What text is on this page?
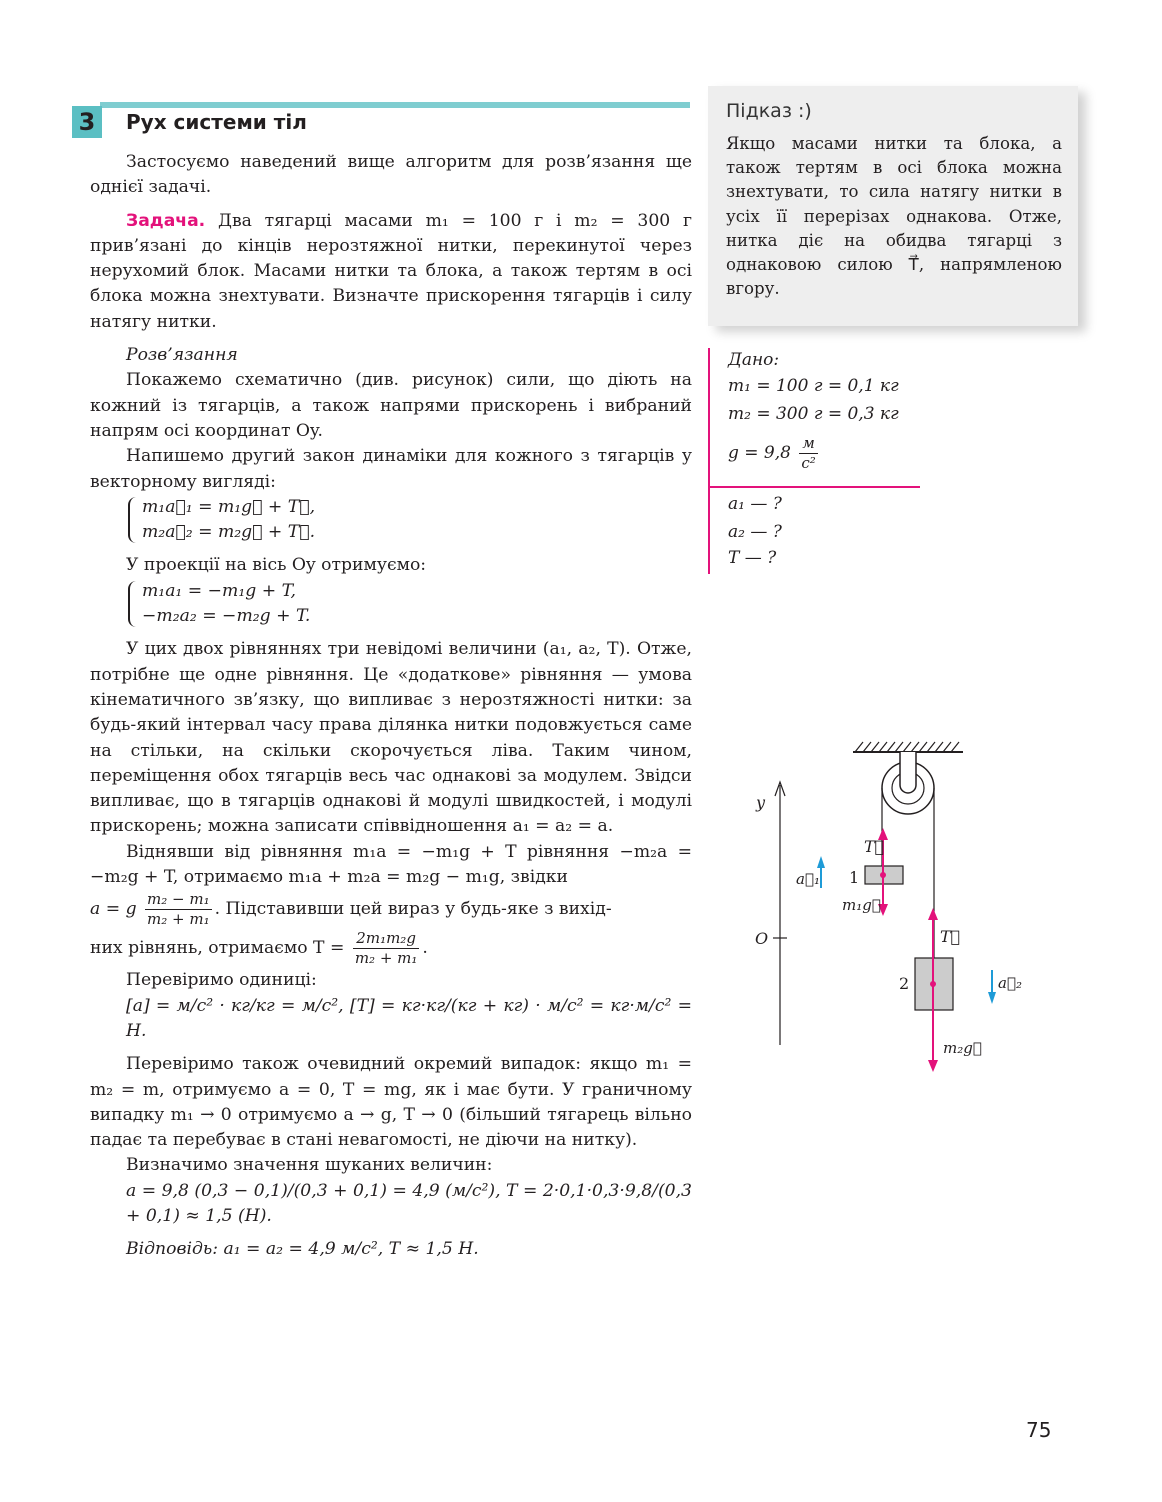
3	Рух системи тіл

Застосуємо наведений вище алгоритм для розв’язання ще однієї задачі.

Задача. Два тягарці масами m₁ = 100 г і m₂ = 300 г прив’язані до кінців нерозтяжної нитки, перекинутої через нерухомий блок. Масами нитки та блока, а також тертям в осі блока можна знехтувати. Визначте прискорення тягарців і силу натягу нитки.

Розв’язання

Покажемо схематично (див. рисунок) сили, що діють на кожний із тягарців, а також напрями прискорень і вибраний напрям осі координат Oy.

Напишемо другий закон динаміки для кожного з тягарців у векторному вигляді:

m₁a⃗₁ = m₁g⃗ + T⃗,
m₂a⃗₂ = m₂g⃗ + T⃗.

У проекції на вісь Oy отримуємо:

m₁a₁ = −m₁g + T,
−m₂a₂ = −m₂g + T.

У цих двох рівняннях три невідомі величини (a₁, a₂, T). Отже, потрібне ще одне рівняння. Це «додаткове» рівняння — умова кінематичного зв’язку, що випливає з нерозтяжності нитки: за будь-який інтервал часу права ділянка нитки подовжується саме на стільки, на скільки скорочується ліва. Таким чином, переміщення обох тягарців весь час однакові за модулем. Звідси випливає, що в тягарців однакові й модулі швидкостей, і модулі прискорень; можна записати співвідношення a₁ = a₂ = a.

Віднявши від рівняння m₁a = −m₁g + T рівняння −m₂a = −m₂g + T, отримаємо m₁a + m₂a = m₂g − m₁g, звідки

a = g $\frac{\text{m₂ − m₁}}{\text{m₂ + m₁}}$ . Підставивши цей вираз у будь-яке з вихід-

них рівнянь, отримаємо $T = \frac{\text{2m₁m₂g}}{\text{m₂ + m₁}}$ .

Перевіримо одиниці:

[a] = м/с² · кг/кг = м/с², [T] = кг·кг/(кг + кг) · м/с² = кг·м/с² = Н.

Перевіримо також очевидний окремий випадок: якщо m₁ = m₂ = m, отримуємо a = 0, T = mg, як і має бути. У граничному випадку m₁ → 0 отримуємо a → g, T → 0 (більший тягарець вільно падає та перебуває в стані невагомості, не діючи на нитку).

Визначимо значення шуканих величин:

a = 9,8 (0,3 − 0,1)/(0,3 + 0,1) = 4,9 (м/с²), T = 2·0,1·0,3·9,8/(0,3 + 0,1) ≈ 1,5 (Н).

Відповідь: a₁ = a₂ = 4,9 м/с², T ≈ 1,5 Н.

Підказ :)
Якщо масами нитки та блока, а також тертям в осі блока можна знехтувати, то сила натягу нитки в усіх її перерізах однакова. Отже, нитка діє на обидва тягарці з однаковою силою T⃗, напрямленою вгору.
Дано:
m₁ = 100 г = 0,1 кг
m₂ = 300 г = 0,3 кг
$g = 9,8 \frac{м}{\text{с²}}$
a₁ — ?
a₂ — ?
T — ?
y
O
T⃗
T⃗
a⃗₁
a⃗₂
m₁g⃗
m₂g⃗
1
2
75
